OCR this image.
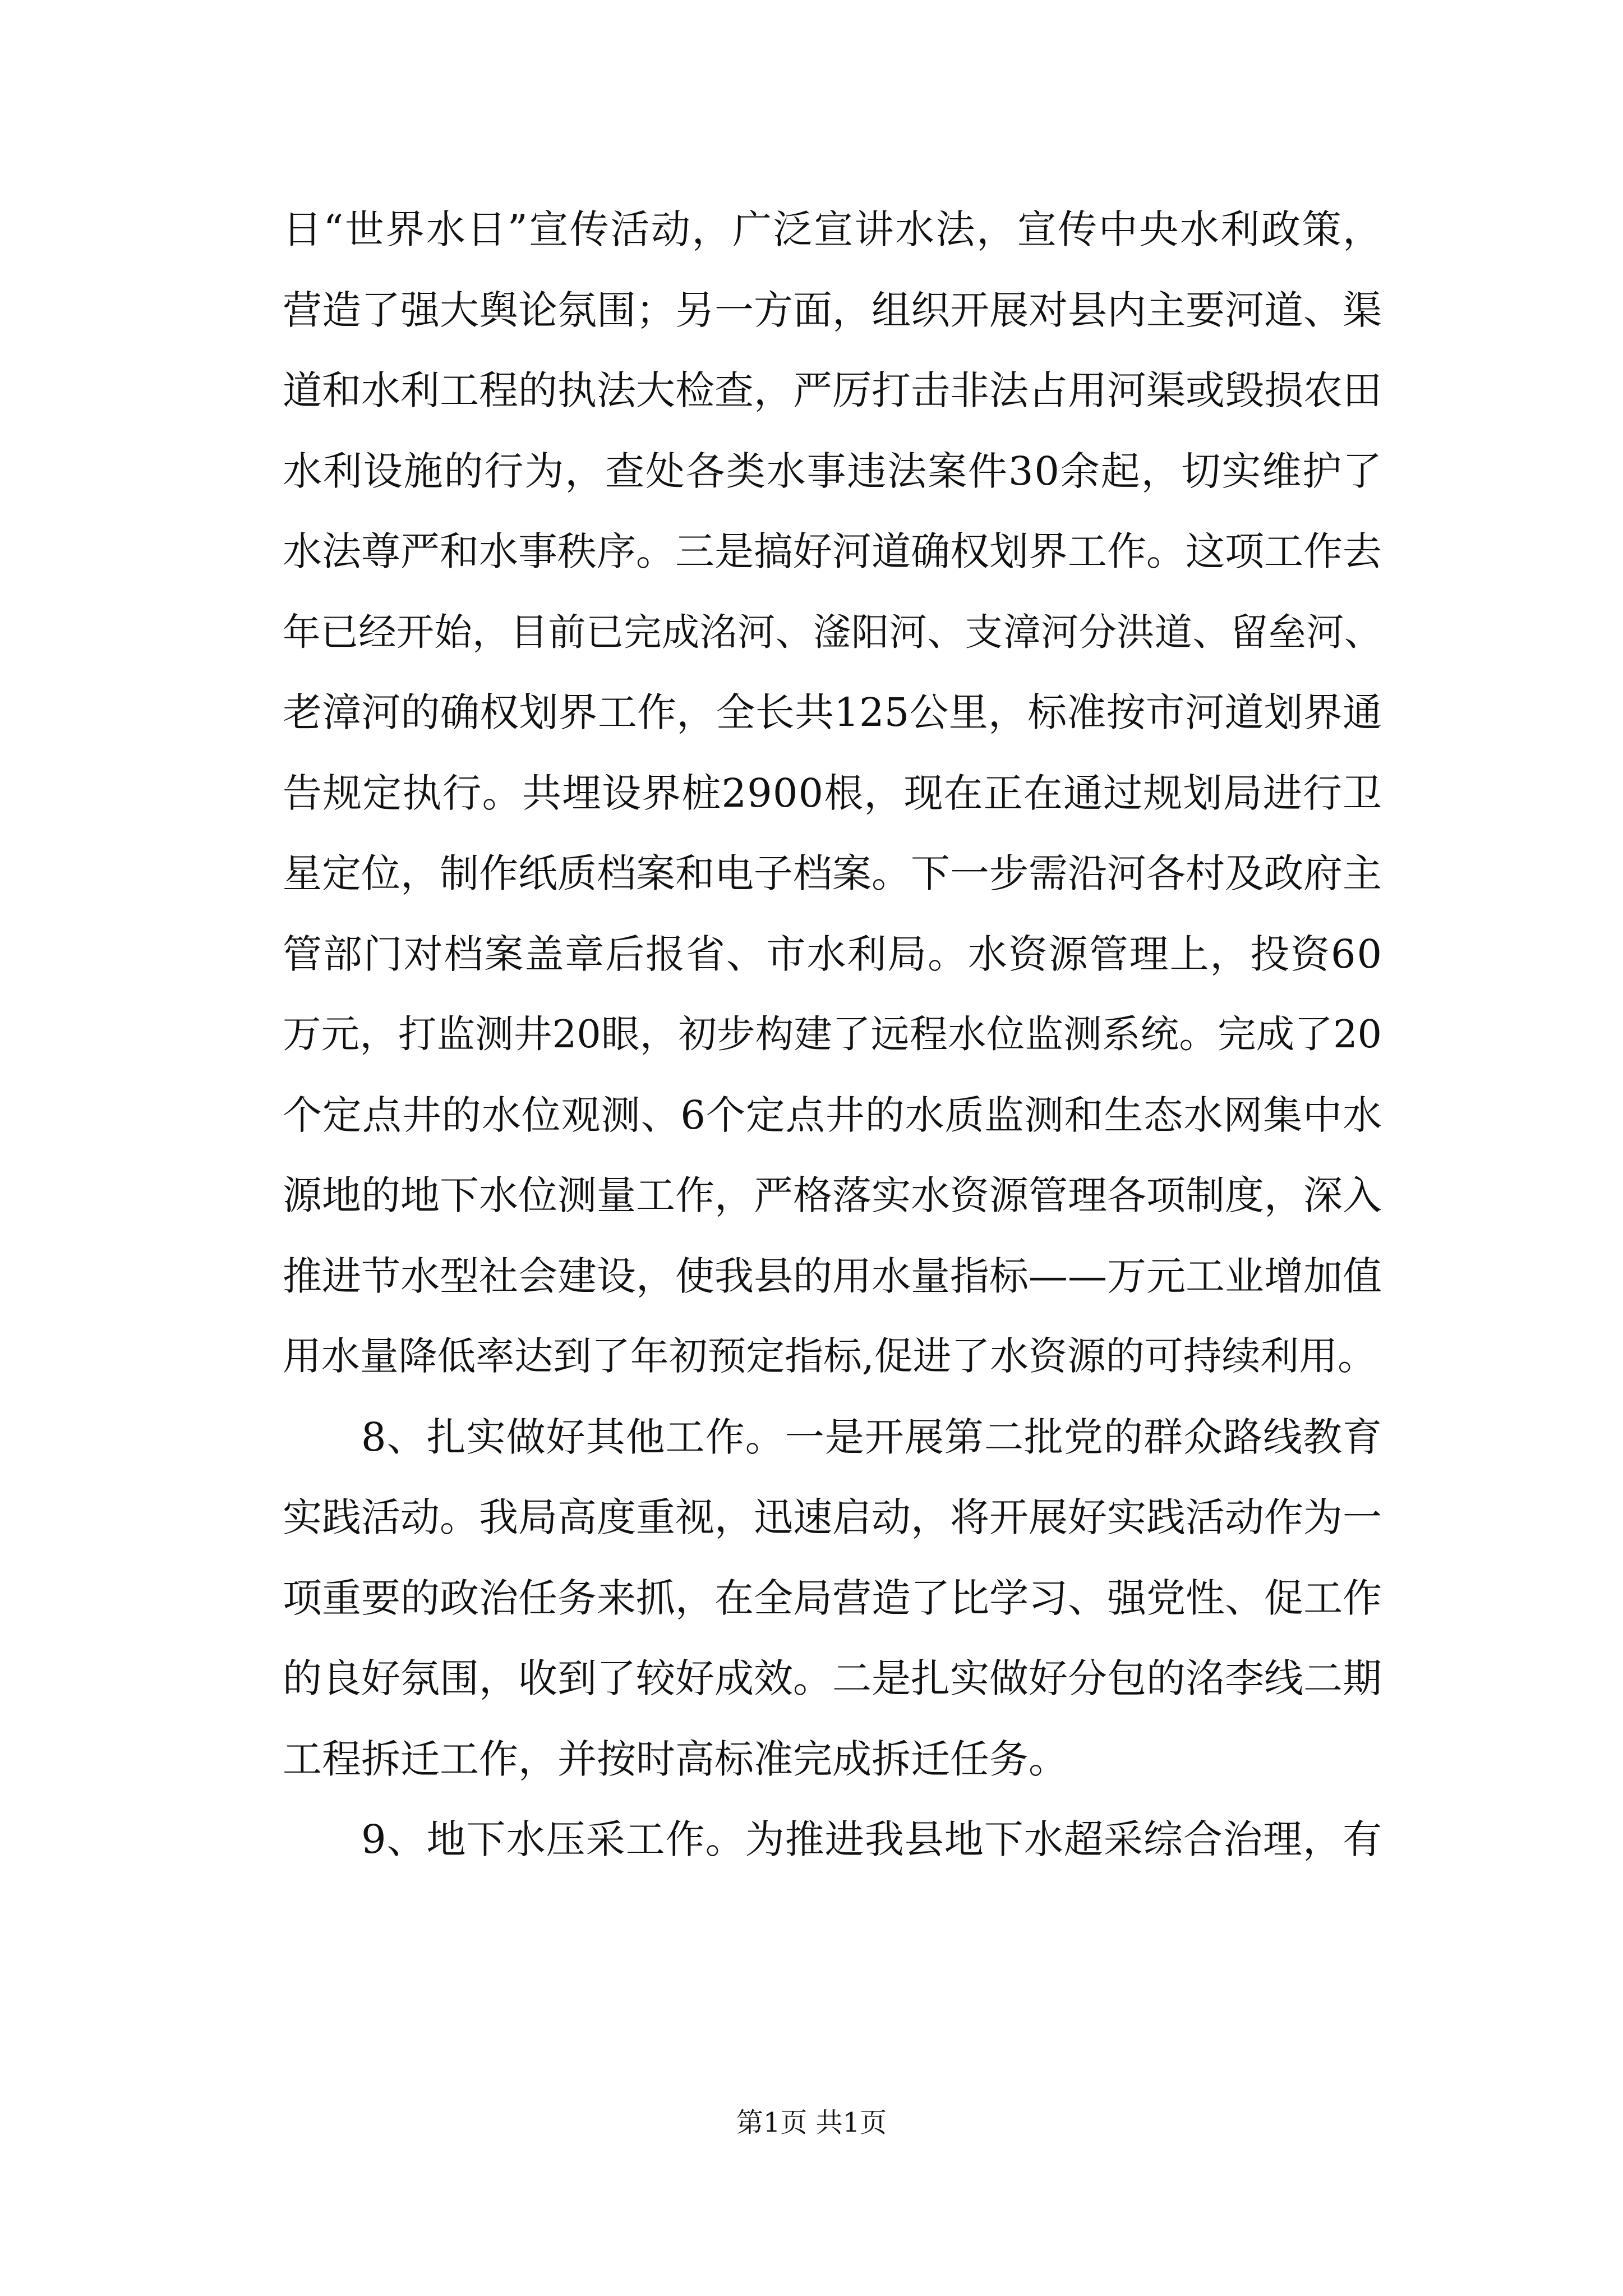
日“世界水日”宣传活动，广泛宣讲水法，宣传中央水利政策，
营造了强大舆论氛围；另一方面，组织开展对县内主要河道、渠
道和水利工程的执法大检查，严厉打击非法占用河渠或毁损农田
水利设施的行为，查处各类水事违法案件30余起，切实维护了
水法尊严和水事秩序。三是搞好河道确权划界工作。这项工作去
年已经开始，目前已完成洺河、滏阳河、支漳河分洪道、留垒河、
老漳河的确权划界工作，全长共125公里，标准按市河道划界通
告规定执行。共埋设界桩2900根，现在正在通过规划局进行卫
星定位，制作纸质档案和电子档案。下一步需沿河各村及政府主
管部门对档案盖章后报省、市水利局。水资源管理上，投资60
万元，打监测井20眼，初步构建了远程水位监测系统。完成了20
个定点井的水位观测、6个定点井的水质监测和生态水网集中水
源地的地下水位测量工作，严格落实水资源管理各项制度，深入
推进节水型社会建设，使我县的用水量指标——万元工业增加值
用水量降低率达到了年初预定指标,促进了水资源的可持续利用。
8、扎实做好其他工作。一是开展第二批党的群众路线教育
实践活动。我局高度重视，迅速启动，将开展好实践活动作为一
项重要的政治任务来抓，在全局营造了比学习、强党性、促工作
的良好氛围，收到了较好成效。二是扎实做好分包的洺李线二期
工程拆迁工作，并按时高标准完成拆迁任务。
9、地下水压采工作。为推进我县地下水超采综合治理，有
第1页 共1页
